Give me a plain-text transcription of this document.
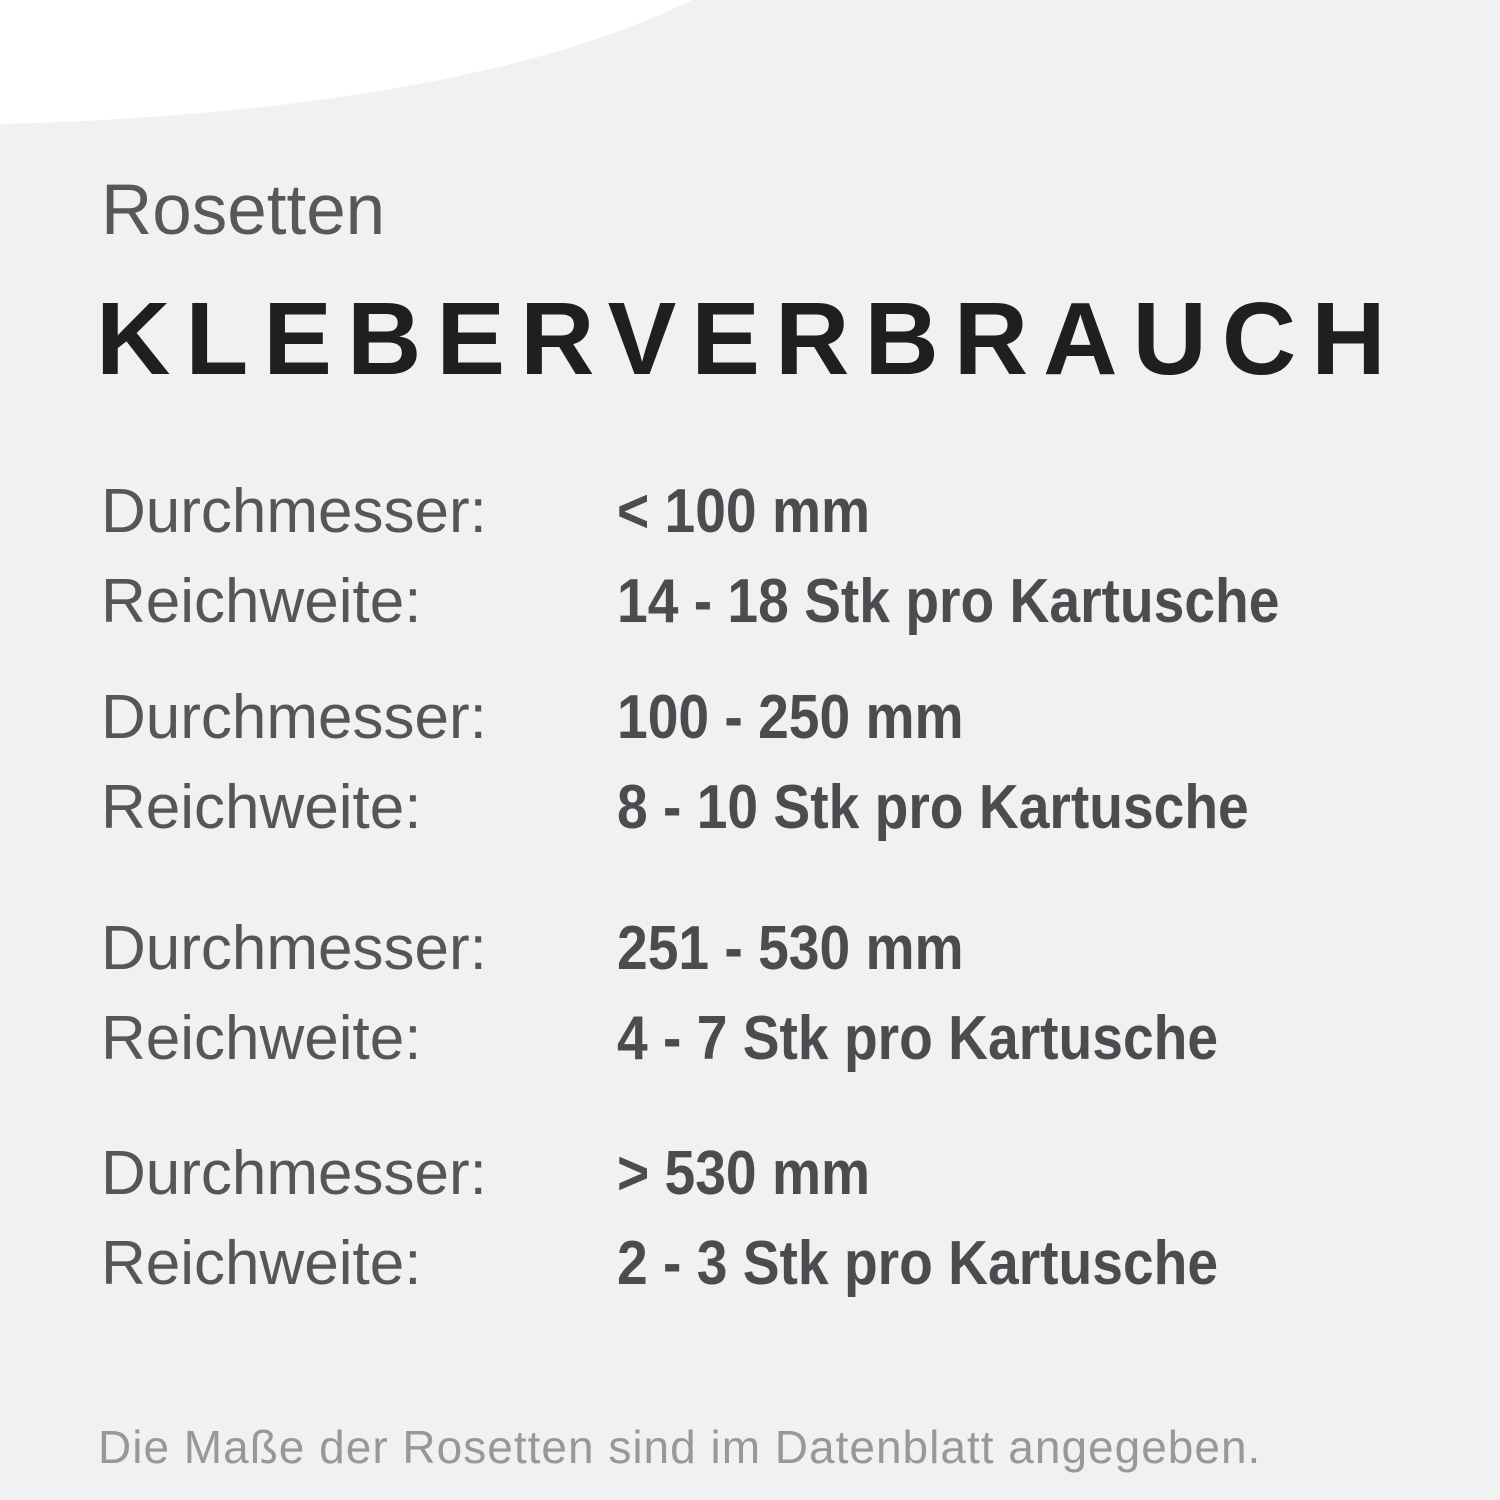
Rosetten
KLEBERVERBRAUCH
Durchmesser:	< 100 mm
Reichweite:	14 - 18 Stk pro Kartusche
Durchmesser:	100 - 250 mm
Reichweite:	8 - 10 Stk pro Kartusche
Durchmesser:	251 - 530 mm
Reichweite:	4 - 7 Stk pro Kartusche
Durchmesser:	> 530 mm
Reichweite:	2 - 3 Stk pro Kartusche
Die Maße der Rosetten sind im Datenblatt angegeben.
